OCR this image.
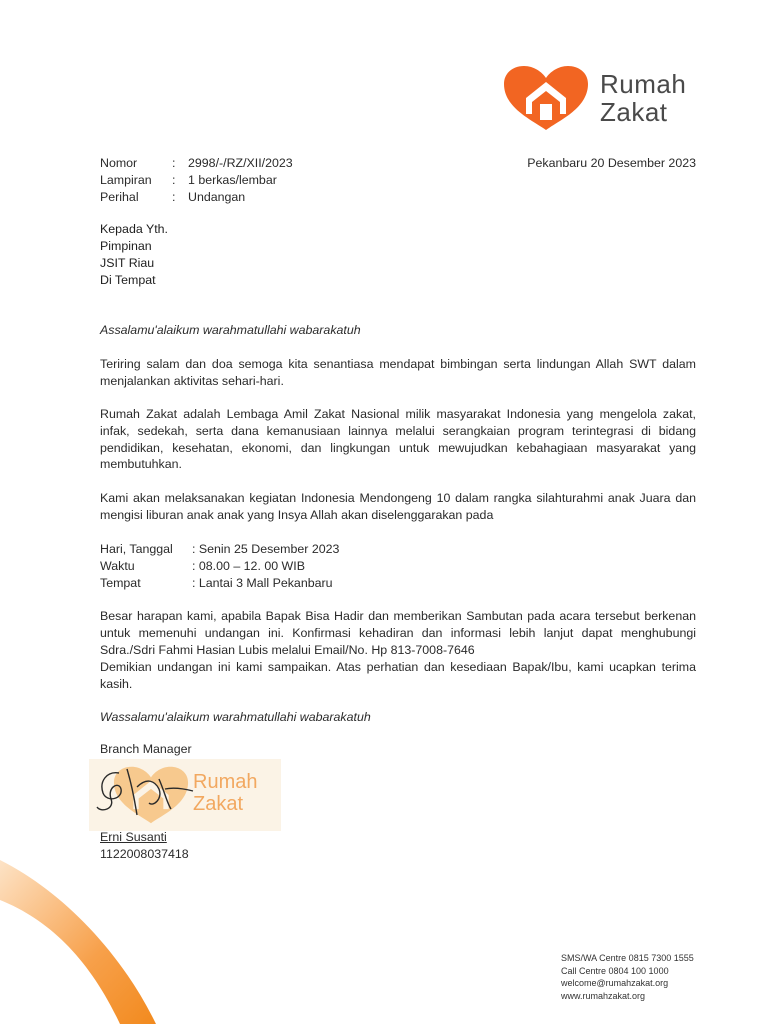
Rumah
Zakat
Nomor	:	2998/-/RZ/XII/2023
Lampiran	:	1 berkas/lembar
Perihal	:	Undangan
Pekanbaru 20 Desember 2023
Kepada Yth.
Pimpinan
JSIT Riau
Di Tempat
Assalamu'alaikum warahmatullahi wabarakatuh
Teriring salam dan doa semoga kita senantiasa mendapat bimbingan serta lindungan Allah SWT dalam menjalankan aktivitas sehari-hari.
Rumah Zakat adalah Lembaga Amil Zakat Nasional milik masyarakat Indonesia yang mengelola zakat, infak, sedekah, serta dana kemanusiaan lainnya melalui serangkaian program terintegrasi di bidang pendidikan, kesehatan, ekonomi, dan lingkungan untuk mewujudkan kebahagiaan masyarakat yang membutuhkan.
Kami akan melaksanakan kegiatan Indonesia Mendongeng 10 dalam rangka silahturahmi anak Juara dan mengisi liburan anak anak yang Insya Allah akan diselenggarakan pada
Hari, Tanggal	: Senin 25 Desember 2023
Waktu	: 08.00 – 12. 00 WIB
Tempat	: Lantai 3 Mall Pekanbaru
Besar harapan kami, apabila Bapak Bisa Hadir dan memberikan Sambutan pada acara tersebut berkenan untuk memenuhi undangan ini. Konfirmasi kehadiran dan informasi lebih lanjut dapat menghubungi Sdra./Sdri Fahmi Hasian Lubis melalui Email/No. Hp 813-7008-7646
Demikian undangan ini kami sampaikan. Atas perhatian dan kesediaan Bapak/Ibu, kami ucapkan terima kasih.
Wassalamu'alaikum warahmatullahi wabarakatuh
Branch Manager
Rumah
Zakat
Erni Susanti
1122008037418
SMS/WA Centre 0815 7300 1555
Call Centre 0804 100 1000
welcome@rumahzakat.org
www.rumahzakat.org
